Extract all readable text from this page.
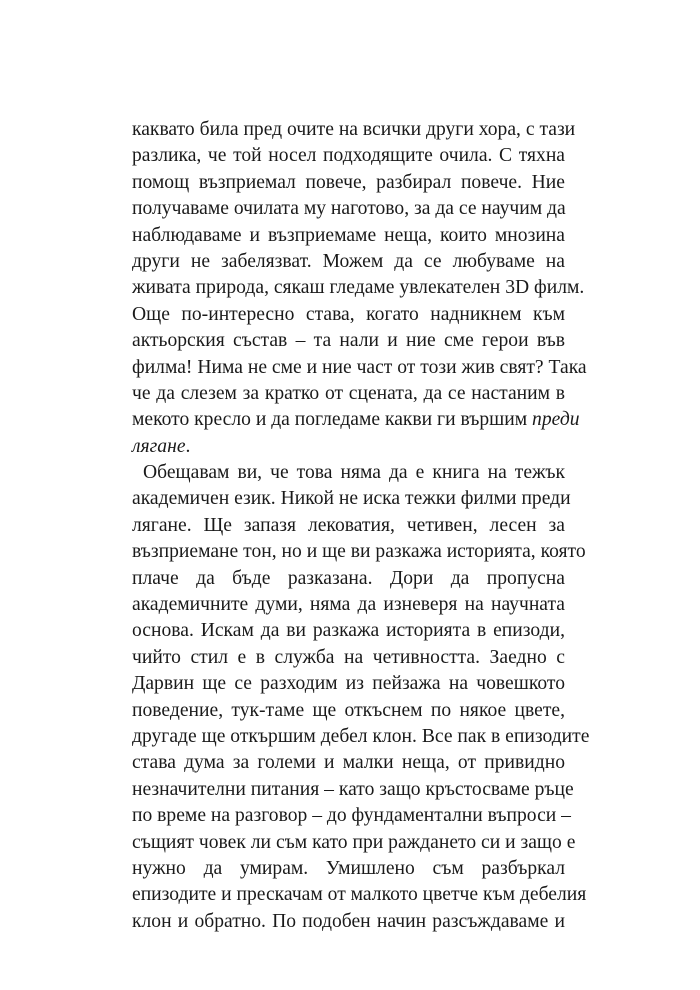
каквато била пред очите на всички други хора, с тази
разлика, че той носел подходящите очила. С тяхна
помощ възприемал повече, разбирал повече. Ние
получаваме очилата му наготово, за да се научим да
наблюдаваме и възприемаме неща, които мнозина
други не забелязват. Можем да се любуваме на
живата природа, сякаш гледаме увлекателен 3D филм.
Още по-интересно става, когато надникнем към
актьорския състав – та нали и ние сме герои във
филма! Нима не сме и ние част от този жив свят? Така
че да слезем за кратко от сцената, да се настаним в
мекото кресло и да погледаме какви ги вършим преди
лягане.
Обещавам ви, че това няма да е книга на тежък
академичен език. Никой не иска тежки филми преди
лягане. Ще запазя лековатия, четивен, лесен за
възприемане тон, но и ще ви разкажа историята, която
плаче да бъде разказана. Дори да пропусна
академичните думи, няма да изневеря на научната
основа. Искам да ви разкажа историята в епизоди,
чийто стил е в служба на четивността. Заедно с
Дарвин ще се разходим из пейзажа на човешкото
поведение, тук-таме ще откъснем по някое цвете,
другаде ще откършим дебел клон. Все пак в епизодите
става дума за големи и малки неща, от привидно
незначителни питания – като защо кръстосваме ръце
по време на разговор – до фундаментални въпроси –
същият човек ли съм като при раждането си и защо е
нужно да умирам. Умишлено съм разбъркал
епизодите и прескачам от малкото цветче към дебелия
клон и обратно. По подобен начин разсъждаваме и
